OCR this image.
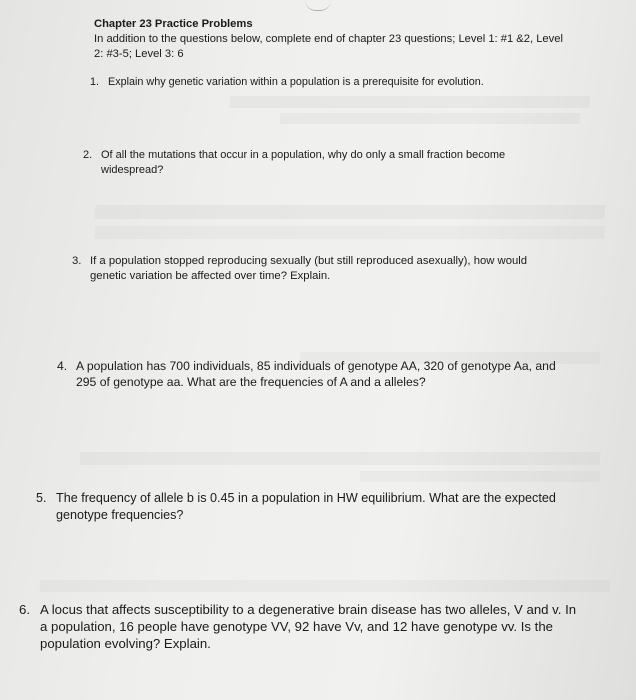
Chapter 23 Practice Problems
In addition to the questions below, complete end of chapter 23 questions; Level 1: #1 &2, Level
2: #3-5; Level 3: 6
1. Explain why genetic variation within a population is a prerequisite for evolution.
2. Of all the mutations that occur in a population, why do only a small fraction become
widespread?
3. If a population stopped reproducing sexually (but still reproduced asexually), how would
genetic variation be affected over time? Explain.
4. A population has 700 individuals, 85 individuals of genotype AA, 320 of genotype Aa, and
295 of genotype aa. What are the frequencies of A and a alleles?
5. The frequency of allele b is 0.45 in a population in HW equilibrium. What are the expected
genotype frequencies?
6. A locus that affects susceptibility to a degenerative brain disease has two alleles, V and v. In
a population, 16 people have genotype VV, 92 have Vv, and 12 have genotype vv. Is the
population evolving? Explain.
